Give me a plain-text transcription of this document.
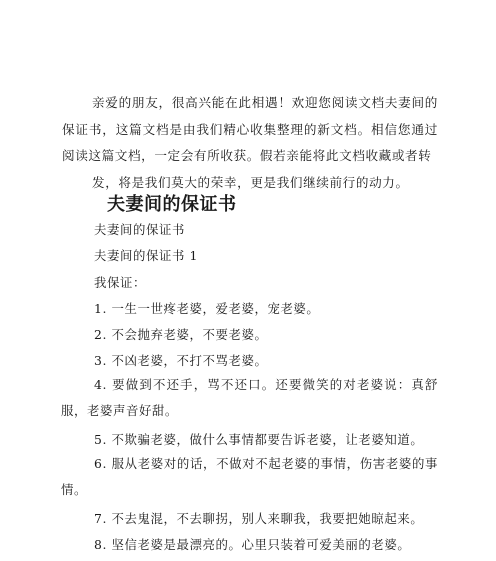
亲爱的朋友，很高兴能在此相遇！欢迎您阅读文档夫妻间的保证书，这篇文档是由我们精心收集整理的新文档。相信您通过阅读这篇文档，一定会有所收获。假若亲能将此文档收藏或者转
发，将是我们莫大的荣幸，更是我们继续前行的动力。

夫妻间的保证书

夫妻间的保证书

夫妻间的保证书 1

我保证：

1. 一生一世疼老婆，爱老婆，宠老婆。

2. 不会抛弃老婆，不要老婆。

3. 不凶老婆，不打不骂老婆。

4. 要做到不还手，骂不还口。还要微笑的对老婆说：真舒服，老婆声音好甜。

5. 不欺骗老婆，做什么事情都要告诉老婆，让老婆知道。

6. 服从老婆对的话，不做对不起老婆的事情，伤害老婆的事情。

7. 不去鬼混，不去聊拐，别人来聊我，我要把她晾起来。

8. 坚信老婆是最漂亮的。心里只装着可爱美丽的老婆。
